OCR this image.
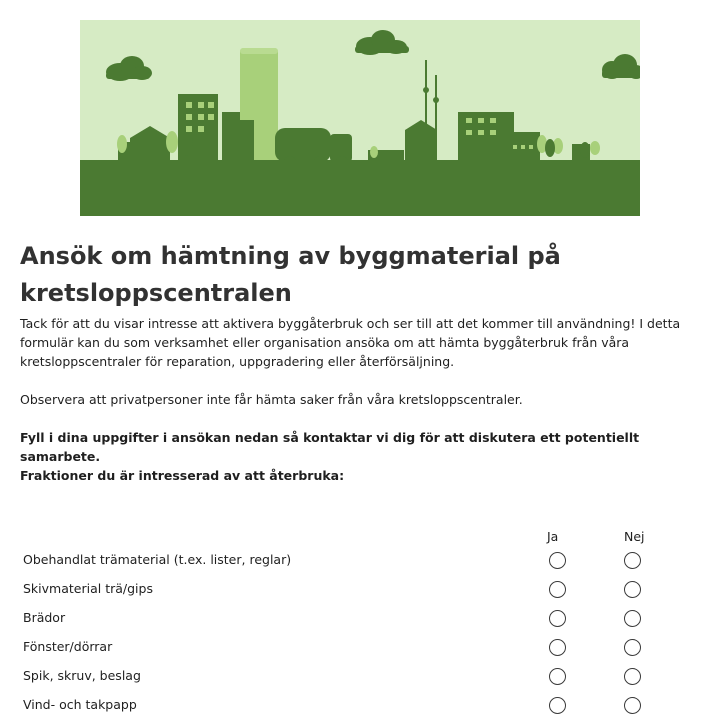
Ansök om hämtning av byggmaterial på kretsloppscentralen

Tack för att du visar intresse att aktivera byggåterbruk och ser till att det kommer till användning! I detta formulär kan du som verksamhet eller organisation ansöka om att hämta byggåterbruk från våra kretsloppscentraler för reparation, uppgradering eller återförsäljning.

Observera att privatpersoner inte får hämta saker från våra kretsloppscentraler.

Fyll i dina uppgifter i ansökan nedan så kontaktar vi dig för att diskutera ett potentiellt samarbete.

Fraktioner du är intresserad av att återbruka:

Ja	Nej
Obehandlat trämaterial (t.ex. lister, reglar)
Skivmaterial trä/gips
Brädor
Fönster/dörrar
Spik, skruv, beslag
Vind- och takpapp
